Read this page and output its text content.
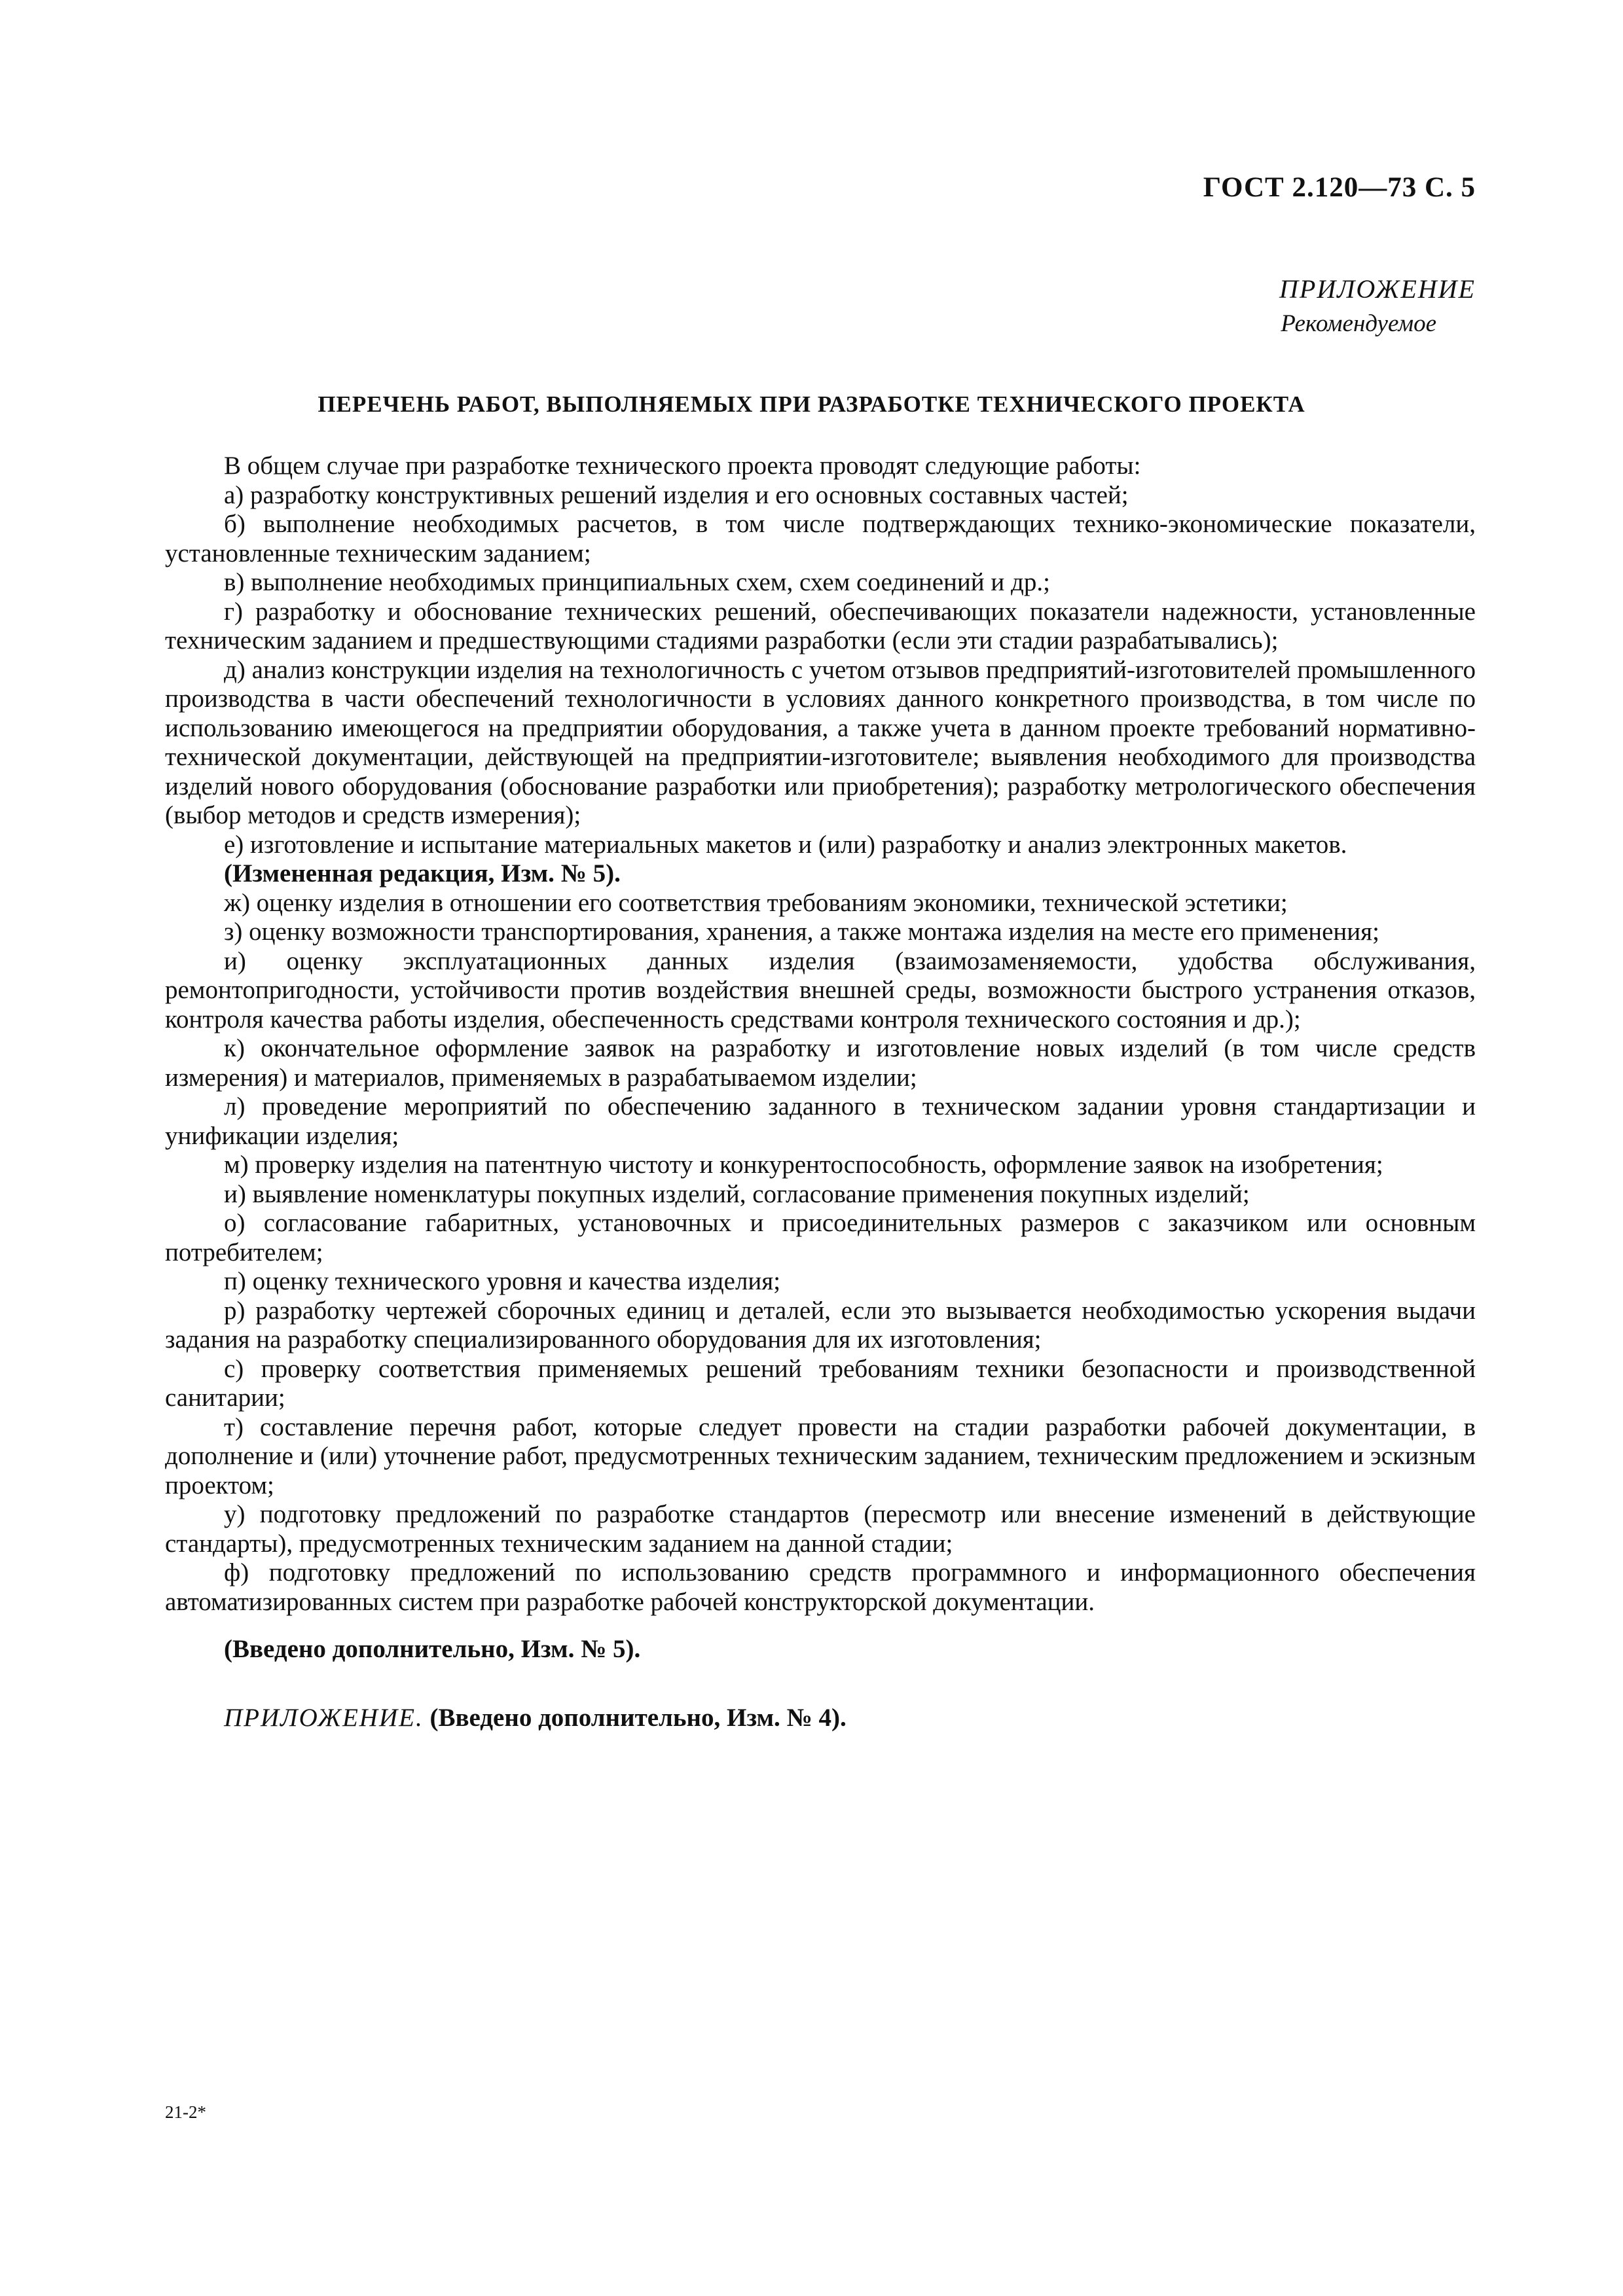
ГОСТ 2.120—73 С. 5
ПРИЛОЖЕНИЕ
Рекомендуемое
ПЕРЕЧЕНЬ РАБОТ, ВЫПОЛНЯЕМЫХ ПРИ РАЗРАБОТКЕ ТЕХНИЧЕСКОГО ПРОЕКТА

В общем случае при разработке технического проекта проводят следующие работы:

а) разработку конструктивных решений изделия и его основных составных частей;

б) выполнение необходимых расчетов, в том числе подтверждающих технико-экономические показатели, установленные техническим заданием;

в) выполнение необходимых принципиальных схем, схем соединений и др.;

г) разработку и обоснование технических решений, обеспечивающих показатели надежности, установленные техническим заданием и предшествующими стадиями разработки (если эти стадии разрабатывались);

д) анализ конструкции изделия на технологичность с учетом отзывов предприятий-изготовителей промышленного производства в части обеспечений технологичности в условиях данного конкретного производства, в том числе по использованию имеющегося на предприятии оборудования, а также учета в данном проекте требований нормативно-технической документации, действующей на предприятии-изготовителе; выявления необходимого для производства изделий нового оборудования (обоснование разработки или приобретения); разработку метрологического обеспечения (выбор методов и средств измерения);

е) изготовление и испытание материальных макетов и (или) разработку и анализ электронных макетов.

(Измененная редакция, Изм. № 5).

ж) оценку изделия в отношении его соответствия требованиям экономики, технической эстетики;

з) оценку возможности транспортирования, хранения, а также монтажа изделия на месте его применения;

и) оценку эксплуатационных данных изделия (взаимозаменяемости, удобства обслуживания, ремонтопригодности, устойчивости против воздействия внешней среды, возможности быстрого устранения отказов, контроля качества работы изделия, обеспеченность средствами контроля технического состояния и др.);

к) окончательное оформление заявок на разработку и изготовление новых изделий (в том числе средств измерения) и материалов, применяемых в разрабатываемом изделии;

л) проведение мероприятий по обеспечению заданного в техническом задании уровня стандартизации и унификации изделия;

м) проверку изделия на патентную чистоту и конкурентоспособность, оформление заявок на изобретения;

и) выявление номенклатуры покупных изделий, согласование применения покупных изделий;

о) согласование габаритных, установочных и присоединительных размеров с заказчиком или основным потребителем;

п) оценку технического уровня и качества изделия;

р) разработку чертежей сборочных единиц и деталей, если это вызывается необходимостью ускорения выдачи задания на разработку специализированного оборудования для их изготовления;

с) проверку соответствия применяемых решений требованиям техники безопасности и производственной санитарии;

т) составление перечня работ, которые следует провести на стадии разработки рабочей документации, в дополнение и (или) уточнение работ, предусмотренных техническим заданием, техническим предложением и эскизным проектом;

у) подготовку предложений по разработке стандартов (пересмотр или внесение изменений в действующие стандарты), предусмотренных техническим заданием на данной стадии;

ф) подготовку предложений по использованию средств программного и информационного обеспечения автоматизированных систем при разработке рабочей конструкторской документации.

(Введено дополнительно, Изм. № 5).

ПРИЛОЖЕНИЕ. (Введено дополнительно, Изм. № 4).

21-2*
